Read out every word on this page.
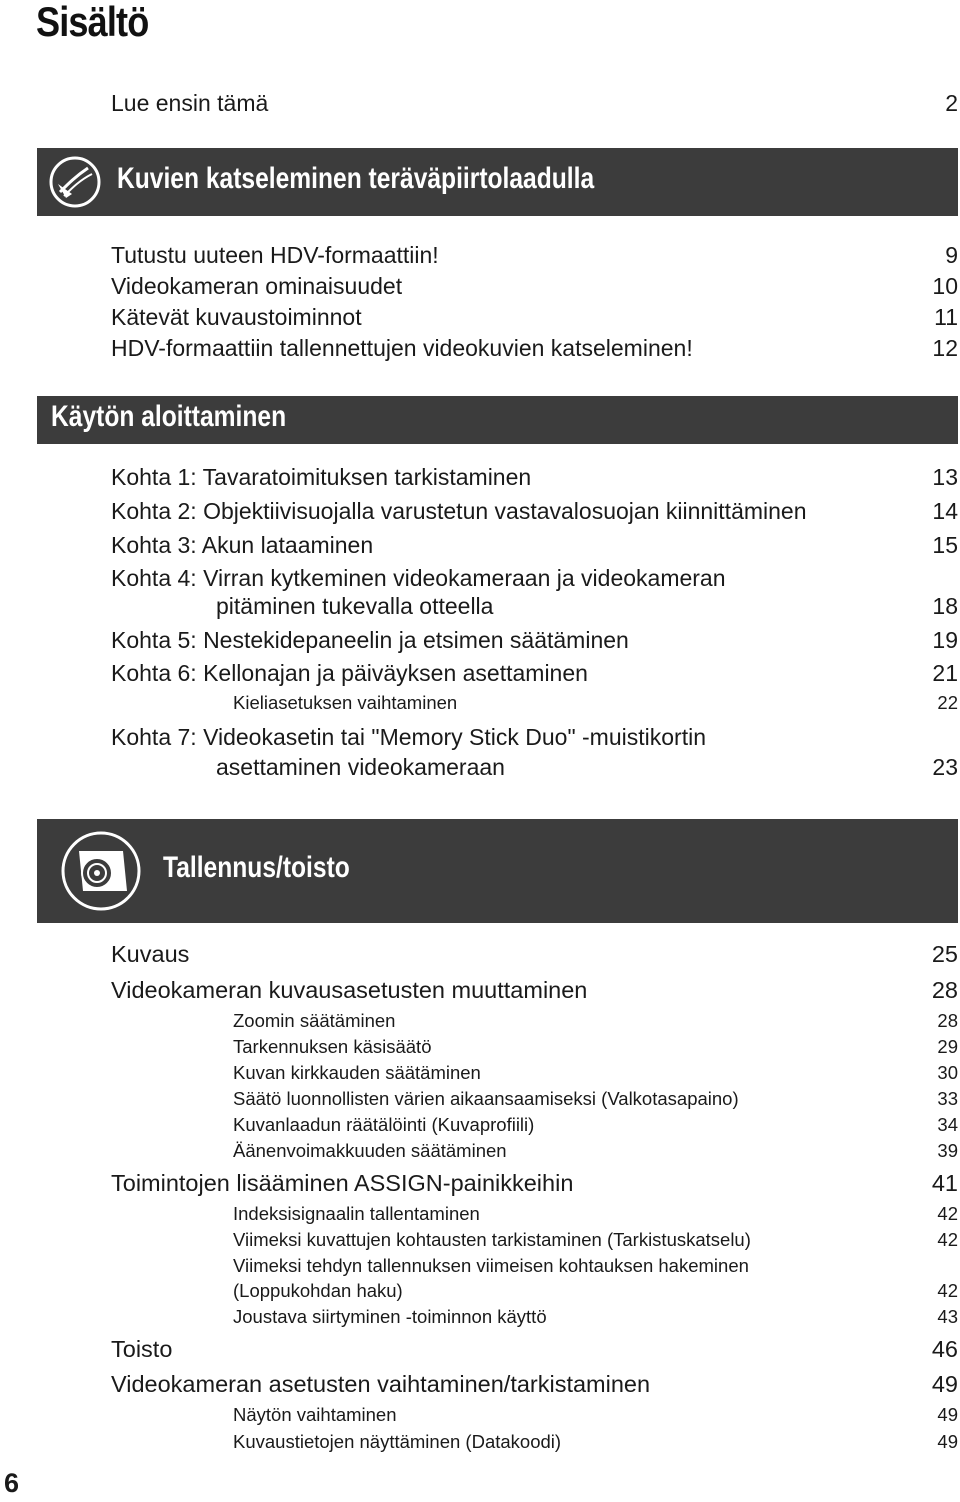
Sisältö
Lue ensin tämä	2
Kuvien katseleminen teräväpiirtolaadulla
Tutustu uuteen HDV-formaattiin!	9
Videokameran ominaisuudet	10
Kätevät kuvaustoiminnot	11
HDV-formaattiin tallennettujen videokuvien katseleminen!	12
Käytön aloittaminen
Kohta 1: Tavaratoimituksen tarkistaminen	13
Kohta 2: Objektiivisuojalla varustetun vastavalosuojan kiinnittäminen	14
Kohta 3: Akun lataaminen	15
Kohta 4: Virran kytkeminen videokameraan ja videokameran
pitäminen tukevalla otteella	18
Kohta 5: Nestekidepaneelin ja etsimen säätäminen	19
Kohta 6: Kellonajan ja päiväyksen asettaminen	21
Kieliasetuksen vaihtaminen	22
Kohta 7: Videokasetin tai "Memory Stick Duo" -muistikortin
asettaminen videokameraan	23
Tallennus/toisto
Kuvaus	25
Videokameran kuvausasetusten muuttaminen	28
Zoomin säätäminen	28
Tarkennuksen käsisäätö	29
Kuvan kirkkauden säätäminen	30
Säätö luonnollisten värien aikaansaamiseksi (Valkotasapaino)	33
Kuvanlaadun räätälöinti (Kuvaprofiili)	34
Äänenvoimakkuuden säätäminen	39
Toimintojen lisääminen ASSIGN-painikkeihin	41
Indeksisignaalin tallentaminen	42
Viimeksi kuvattujen kohtausten tarkistaminen (Tarkistuskatselu)	42
Viimeksi tehdyn tallennuksen viimeisen kohtauksen hakeminen
(Loppukohdan haku)	42
Joustava siirtyminen -toiminnon käyttö	43
Toisto	46
Videokameran asetusten vaihtaminen/tarkistaminen	49
Näytön vaihtaminen	49
Kuvaustietojen näyttäminen (Datakoodi)	49
6
